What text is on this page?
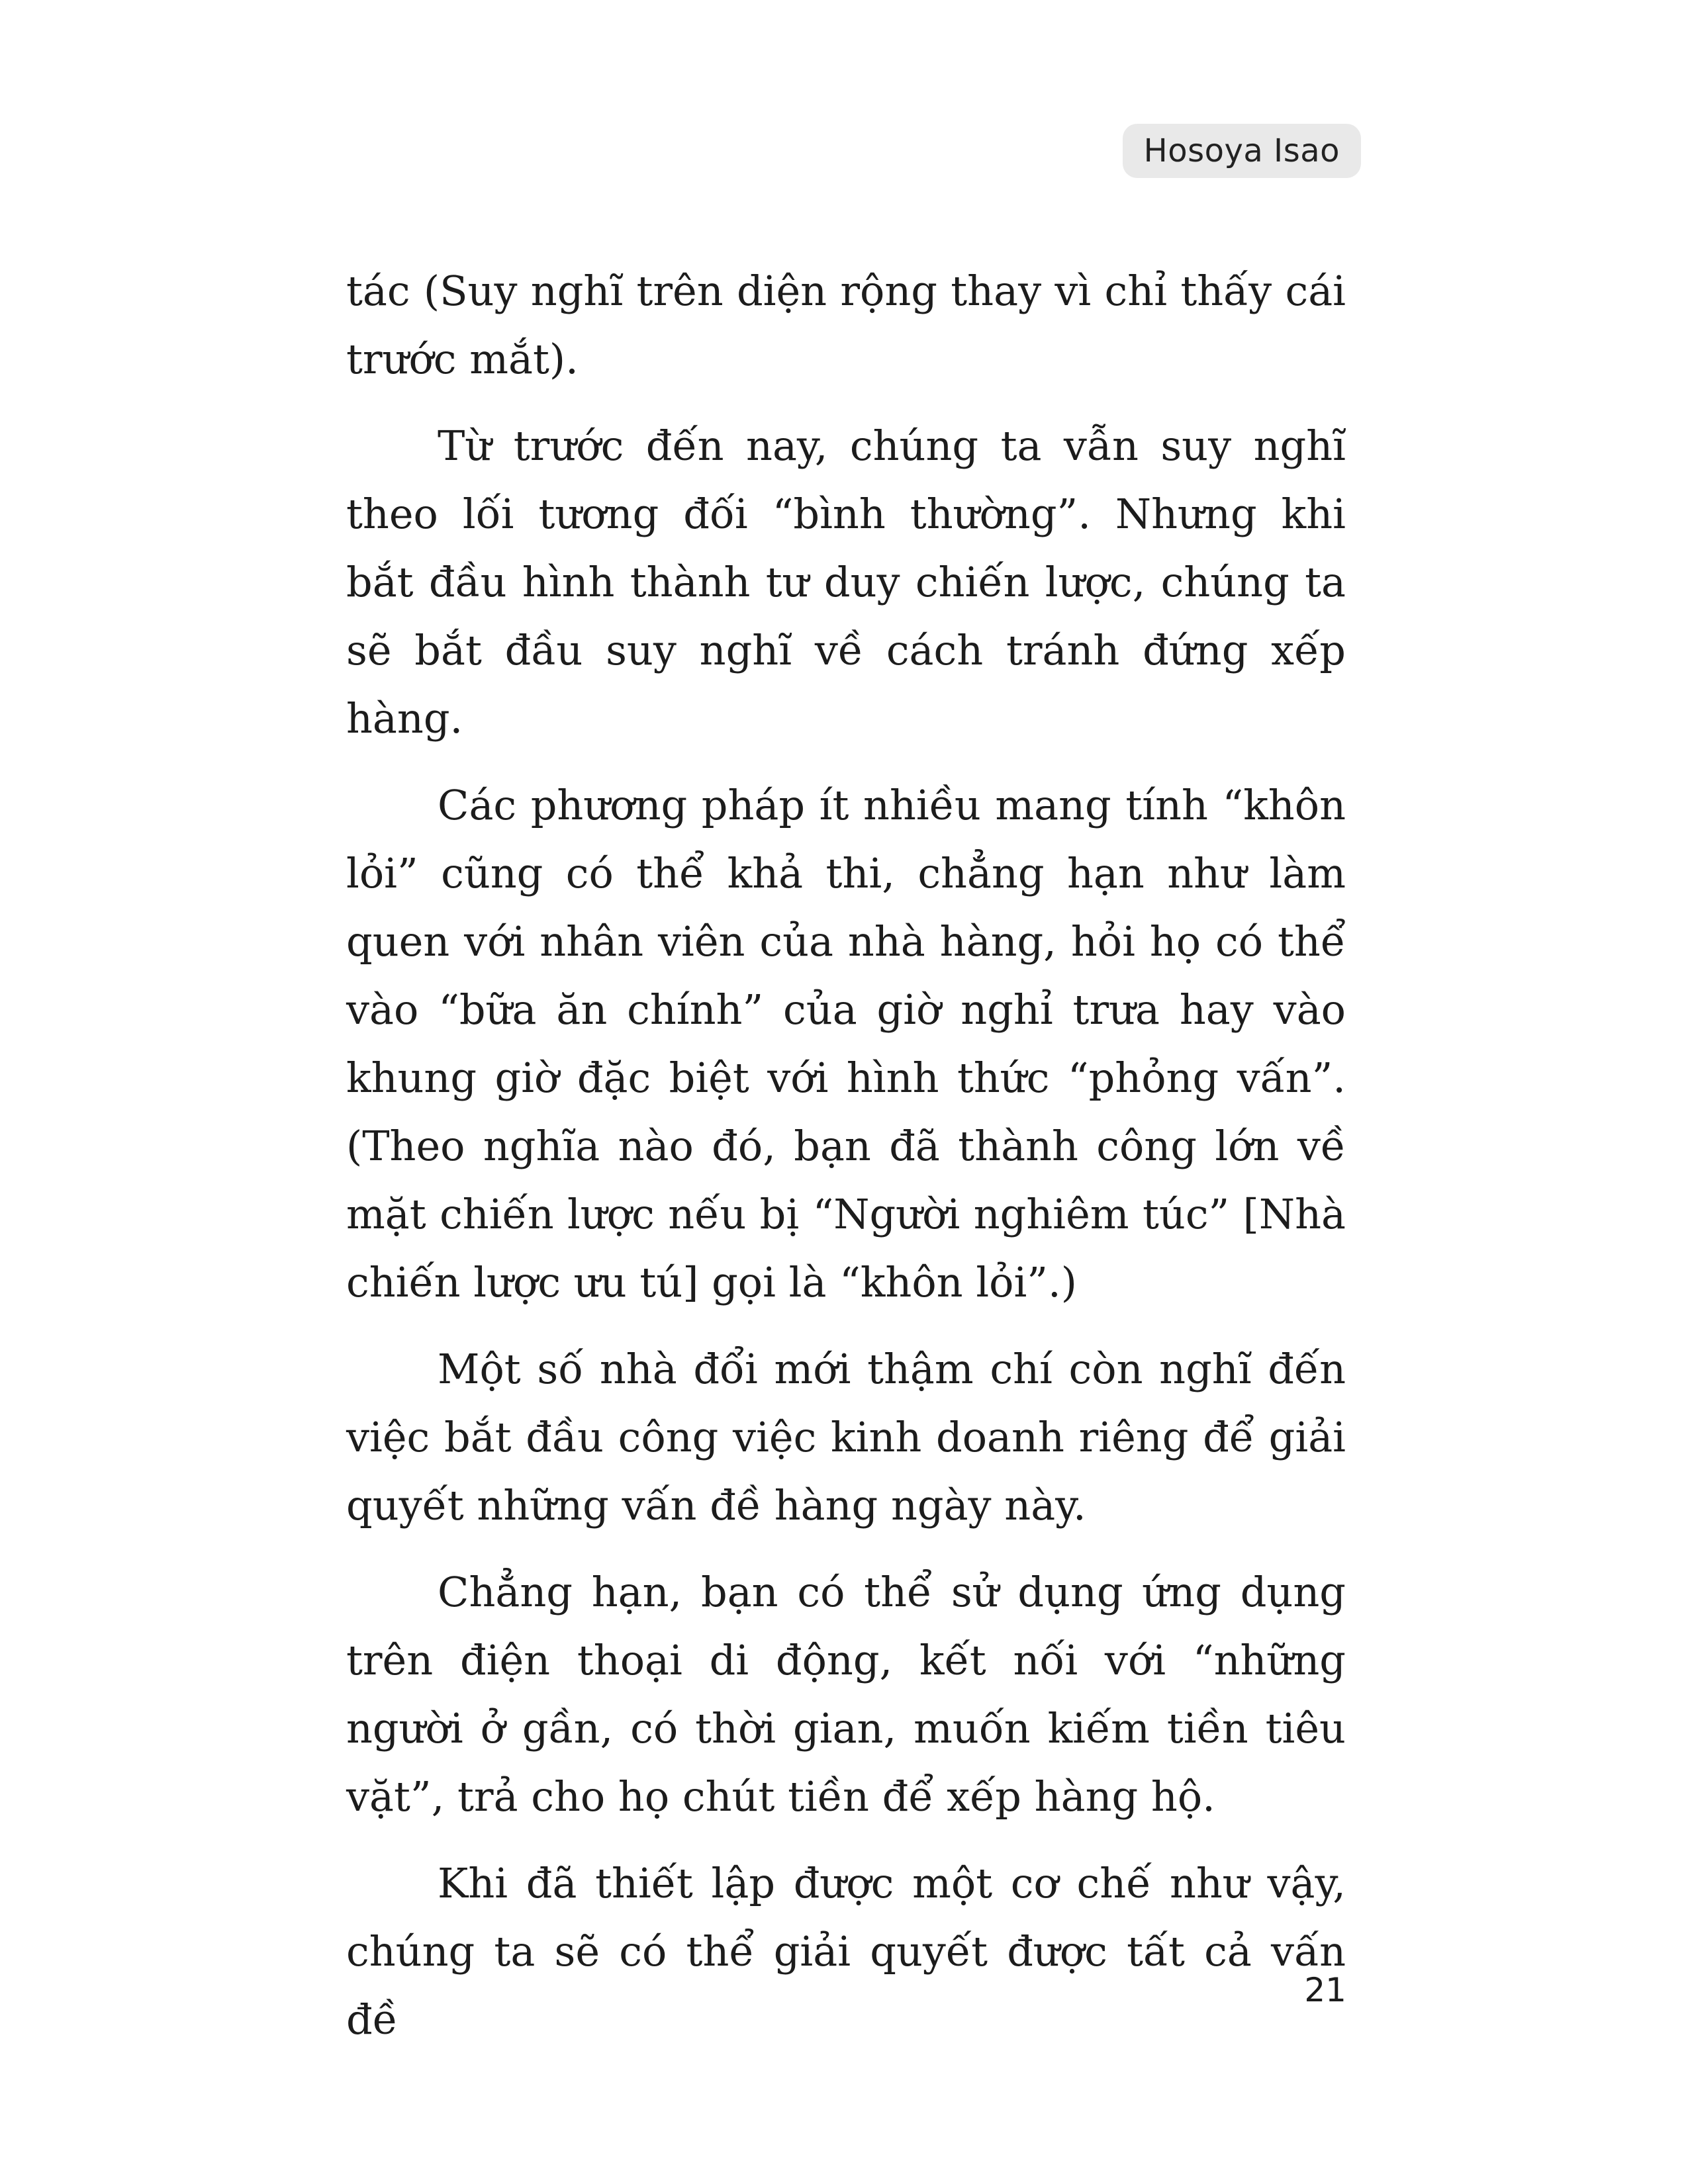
Hosoya Isao

tác (Suy nghĩ trên diện rộng thay vì chỉ thấy cái trước mắt).

Từ trước đến nay, chúng ta vẫn suy nghĩ theo lối tương đối “bình thường”. Nhưng khi bắt đầu hình thành tư duy chiến lược, chúng ta sẽ bắt đầu suy nghĩ về cách tránh đứng xếp hàng.

Các phương pháp ít nhiều mang tính “khôn lỏi” cũng có thể khả thi, chẳng hạn như làm quen với nhân viên của nhà hàng, hỏi họ có thể vào “bữa ăn chính” của giờ nghỉ trưa hay vào khung giờ đặc biệt với hình thức “phỏng vấn”. (Theo nghĩa nào đó, bạn đã thành công lớn về mặt chiến lược nếu bị “Người nghiêm túc” [Nhà chiến lược ưu tú] gọi là “khôn lỏi”.)

Một số nhà đổi mới thậm chí còn nghĩ đến việc bắt đầu công việc kinh doanh riêng để giải quyết những vấn đề hàng ngày này.

Chẳng hạn, bạn có thể sử dụng ứng dụng trên điện thoại di động, kết nối với “những người ở gần, có thời gian, muốn kiếm tiền tiêu vặt”, trả cho họ chút tiền để xếp hàng hộ.

Khi đã thiết lập được một cơ chế như vậy, chúng ta sẽ có thể giải quyết được tất cả vấn đề

21
